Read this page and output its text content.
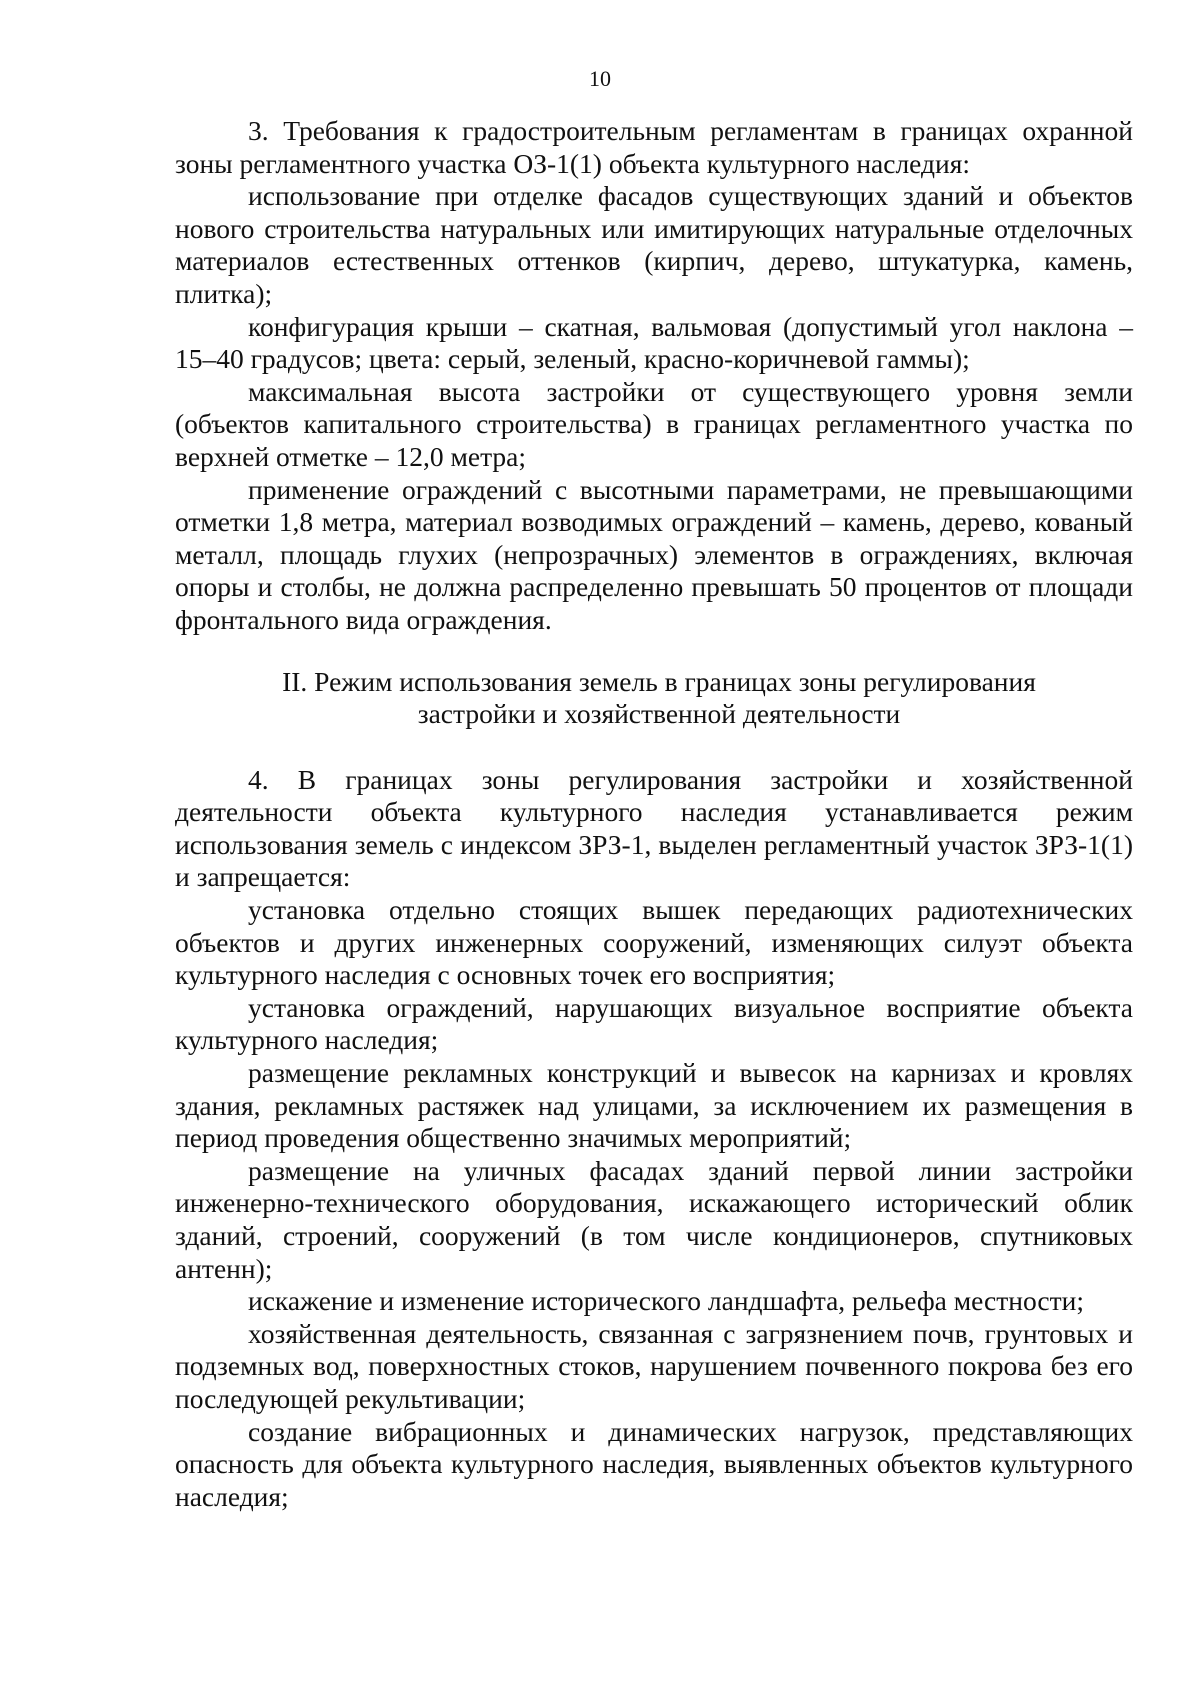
10

3. Требования к градостроительным регламентам в границах охранной зоны регламентного участка ОЗ-1(1) объекта культурного наследия:

использование при отделке фасадов существующих зданий и объектов нового строительства натуральных или имитирующих натуральные отделочных материалов естественных оттенков (кирпич, дерево, штукатурка, камень, плитка);

конфигурация крыши – скатная, вальмовая (допустимый угол наклона – 15–40 градусов; цвета: серый, зеленый, красно-коричневой гаммы);

максимальная высота застройки от существующего уровня земли (объектов капитального строительства) в границах регламентного участка по верхней отметке – 12,0 метра;

применение ограждений с высотными параметрами, не превышающими отметки 1,8 метра, материал возводимых ограждений – камень, дерево, кованый металл, площадь глухих (непрозрачных) элементов в ограждениях, включая опоры и столбы, не должна распределенно превышать 50 процентов от площади фронтального вида ограждения.

II. Режим использования земель в границах зоны регулирования
застройки и хозяйственной деятельности

4. В границах зоны регулирования застройки и хозяйственной деятельности объекта культурного наследия устанавливается режим использования земель с индексом ЗРЗ-1, выделен регламентный участок ЗРЗ-1(1) и запрещается:

установка отдельно стоящих вышек передающих радиотехнических объектов и других инженерных сооружений, изменяющих силуэт объекта культурного наследия с основных точек его восприятия;

установка ограждений, нарушающих визуальное восприятие объекта культурного наследия;

размещение рекламных конструкций и вывесок на карнизах и кровлях здания, рекламных растяжек над улицами, за исключением их размещения в период проведения общественно значимых мероприятий;

размещение на уличных фасадах зданий первой линии застройки инженерно-технического оборудования, искажающего исторический облик зданий, строений, сооружений (в том числе кондиционеров, спутниковых антенн);

искажение и изменение исторического ландшафта, рельефа местности;

хозяйственная деятельность, связанная с загрязнением почв, грунтовых и подземных вод, поверхностных стоков, нарушением почвенного покрова без его последующей рекультивации;

создание вибрационных и динамических нагрузок, представляющих опасность для объекта культурного наследия, выявленных объектов культурного наследия;
